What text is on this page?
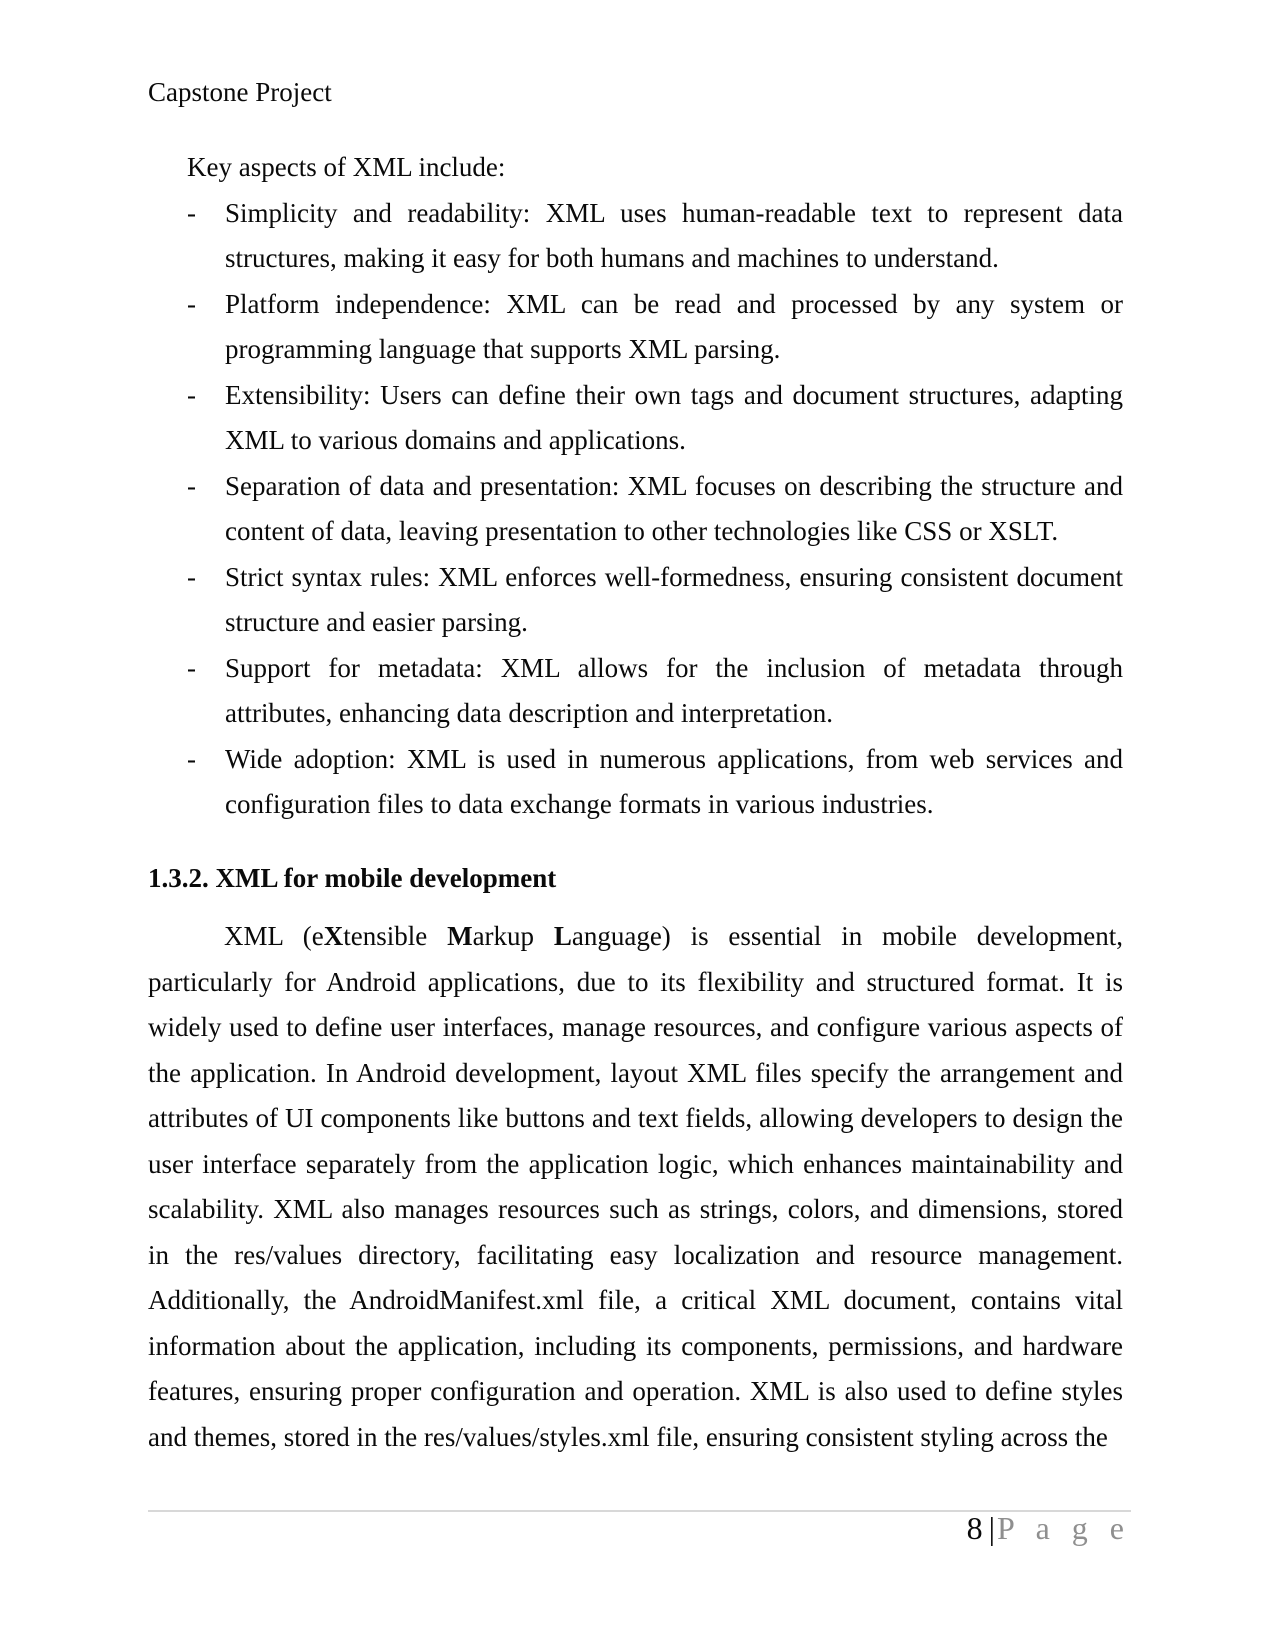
Capstone Project
Key aspects of XML include:
- Simplicity and readability: XML uses human-readable text to represent data structures, making it easy for both humans and machines to understand.
- Platform independence: XML can be read and processed by any system or programming language that supports XML parsing.
- Extensibility: Users can define their own tags and document structures, adapting XML to various domains and applications.
- Separation of data and presentation: XML focuses on describing the structure and content of data, leaving presentation to other technologies like CSS or XSLT.
- Strict syntax rules: XML enforces well-formedness, ensuring consistent document structure and easier parsing.
- Support for metadata: XML allows for the inclusion of metadata through attributes, enhancing data description and interpretation.
- Wide adoption: XML is used in numerous applications, from web services and configuration files to data exchange formats in various industries.
1.3.2. XML for mobile development
XML (eXtensible Markup Language) is essential in mobile development, particularly for Android applications, due to its flexibility and structured format. It is widely used to define user interfaces, manage resources, and configure various aspects of the application. In Android development, layout XML files specify the arrangement and attributes of UI components like buttons and text fields, allowing developers to design the user interface separately from the application logic, which enhances maintainability and scalability. XML also manages resources such as strings, colors, and dimensions, stored in the res/values directory, facilitating easy localization and resource management. Additionally, the AndroidManifest.xml file, a critical XML document, contains vital information about the application, including its components, permissions, and hardware features, ensuring proper configuration and operation. XML is also used to define styles and themes, stored in the res/values/styles.xml file, ensuring consistent styling across the
8 |P a g e
